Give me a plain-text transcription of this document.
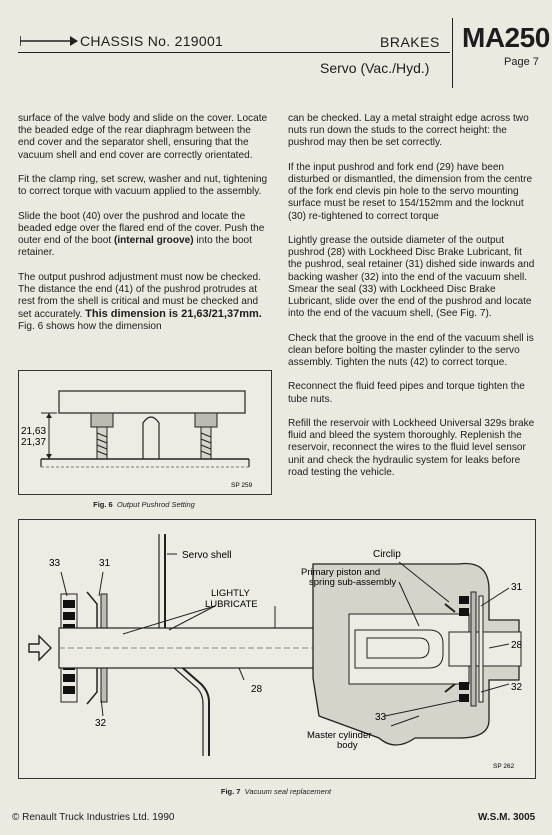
CHASSIS No. 219001	BRAKES
Servo (Vac./Hyd.)
MA250
Page 7

surface of the valve body and slide on the cover. Locate the beaded edge of the rear diaphragm between the end cover and the separator shell, ensuring that the vacuum shell and end cover are correctly orientated.

Fit the clamp ring, set screw, washer and nut, tightening to correct torque with vacuum applied to the assembly.

Slide the boot (40) over the pushrod and locate the beaded edge over the flared end of the cover. Push the outer end of the boot (internal groove) into the boot retainer.

The output pushrod adjustment must now be checked. The distance the end (41) of the pushrod protrudes at rest from the shell is critical and must be checked and set accurately. This dimension is 21,63/21,37mm. Fig. 6 shows how the dimension

can be checked. Lay a metal straight edge across two nuts run down the studs to the correct height: the pushrod may then be set correctly.

If the input pushrod and fork end (29) have been disturbed or dismantled, the dimension from the centre of the fork end clevis pin hole to the servo mounting surface must be reset to 154/152mm and the locknut (30) re-tightened to correct torque

Lightly grease the outside diameter of the output pushrod (28) with Lockheed Disc Brake Lubricant, fit the pushrod, seal retainer (31) dished side inwards and backing washer (32) into the end of the vacuum shell. Smear the seal (33) with Lockheed Disc Brake Lubricant, slide over the end of the pushrod and locate into the end of the vacuum shell, (See Fig. 7).

Check that the groove in the end of the vacuum shell is clean before bolting the master cylinder to the servo assembly. Tighten the nuts (42) to correct torque.

Reconnect the fluid feed pipes and torque tighten the tube nuts.

Refill the reservoir with Lockheed Universal 329s brake fluid and bleed the system thoroughly. Replenish the reservoir, reconnect the wires to the fluid level sensor unit and check the hydraulic system for leaks before road testing the vehicle.

21,63
21,37
SP 259
Fig. 6 Output Pushrod Setting
Servo shell
LIGHTLY
LUBRICATE
33	31
32
28
Circlip
Primary piston and
spring sub-assembly	31
28
32
33
Master cylinder
body
SP 262
Fig. 7 Vacuum seal replacement
© Renault Truck Industries Ltd. 1990	W.S.M. 3005
